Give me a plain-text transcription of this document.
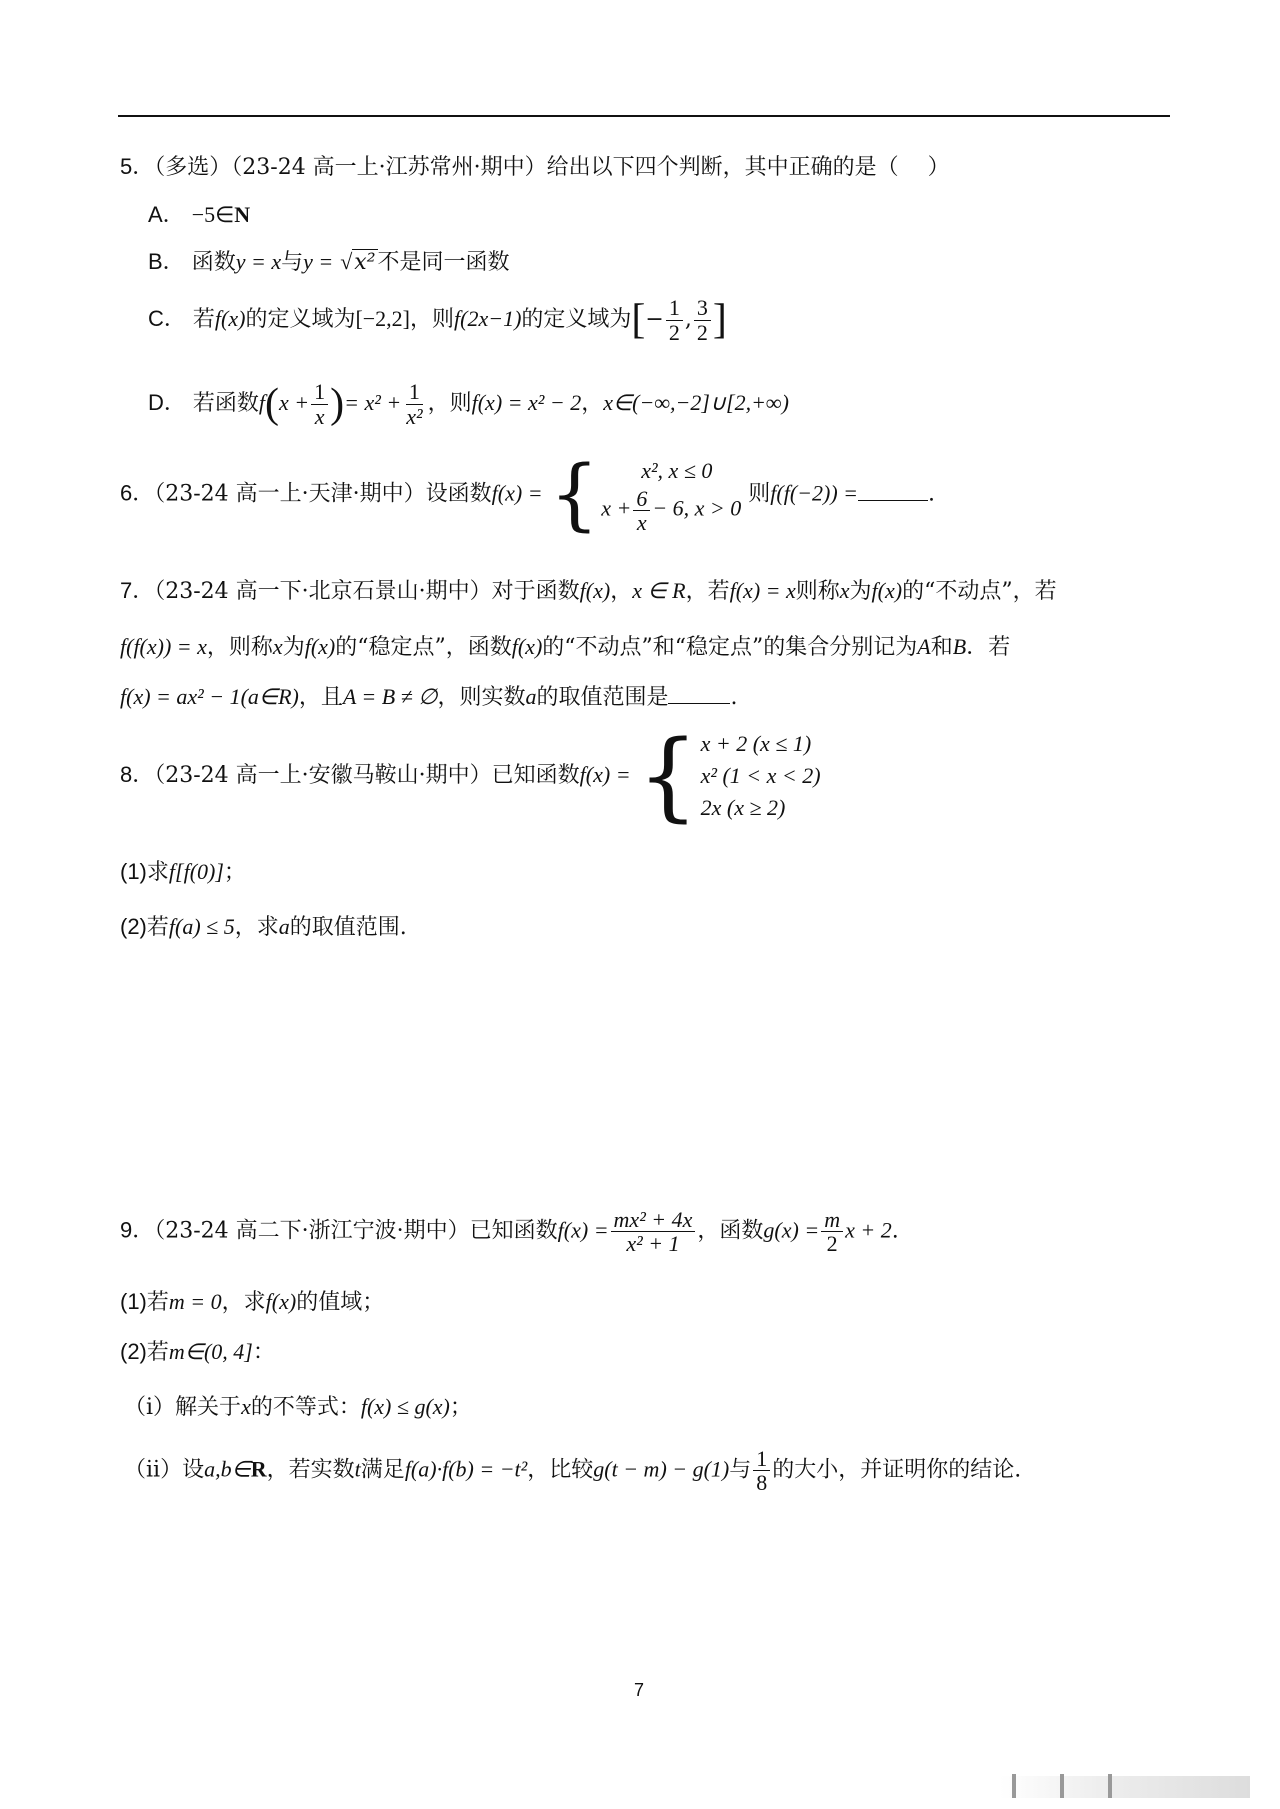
5．（多选）（23-24 高一上·江苏常州·期中）给出以下四个判断，其中正确的是（　 ）
A． −5∈N
B． 函数y = x与y = √x²不是同一函数
C． 若f(x)的定义域为[−2,2]，则f(2x−1)的定义域为[− $\frac{1}{2}$ , $\frac{3}{2}$ ]
D． 若函数$f(x + \frac{1}{x}$ )= $x^2 + \frac{1}{\text{x²}}$ ，则f(x) = x² − 2，x∈(−∞,−2]∪[2,+∞)
6．（23-24 高一上·天津·期中）设函数f(x) = {	x², x ≤ 0
$x + \frac{6}{x} - 6$, x > 0
则f(f(−2)) =	.
7．（23-24 高一下·北京石景山·期中）对于函数f(x)，x ∈ R，若f(x) = x则称x为f(x)的“不动点”，若
f(f(x)) = x，则称x为f(x)的“稳定点”，函数f(x)的“不动点”和“稳定点”的集合分别记为A和B．若
f(x) = ax² − 1(a∈R)，且A = B ≠ ∅，则实数a的取值范围是	.
8．（23-24 高一上·安徽马鞍山·期中）已知函数f(x) = { x + 2 (x ≤ 1)
x² (1 < x < 2)
2x (x ≥ 2)
(1)求f[f(0)]；
(2)若f(a) ≤ 5，求a的取值范围.
9．（23-24 高二下·浙江宁波·期中）已知函数$f(x) = \frac{\text{mx² + 4x}}{\text{x² + 1}}$ ，函数$g(x) = \frac{m}{2}$ x + 2.
(1)若m = 0，求f(x)的值域；
(2)若m∈(0, 4]：
（ⅰ）解关于x的不等式：f(x) ≤ g(x)；
（ⅱ）设a,b∈R，若实数t满足f(a)·f(b) = −t²，比较g(t − m) − g(1)与 $\frac{1}{8}$ 的大小，并证明你的结论.
7
